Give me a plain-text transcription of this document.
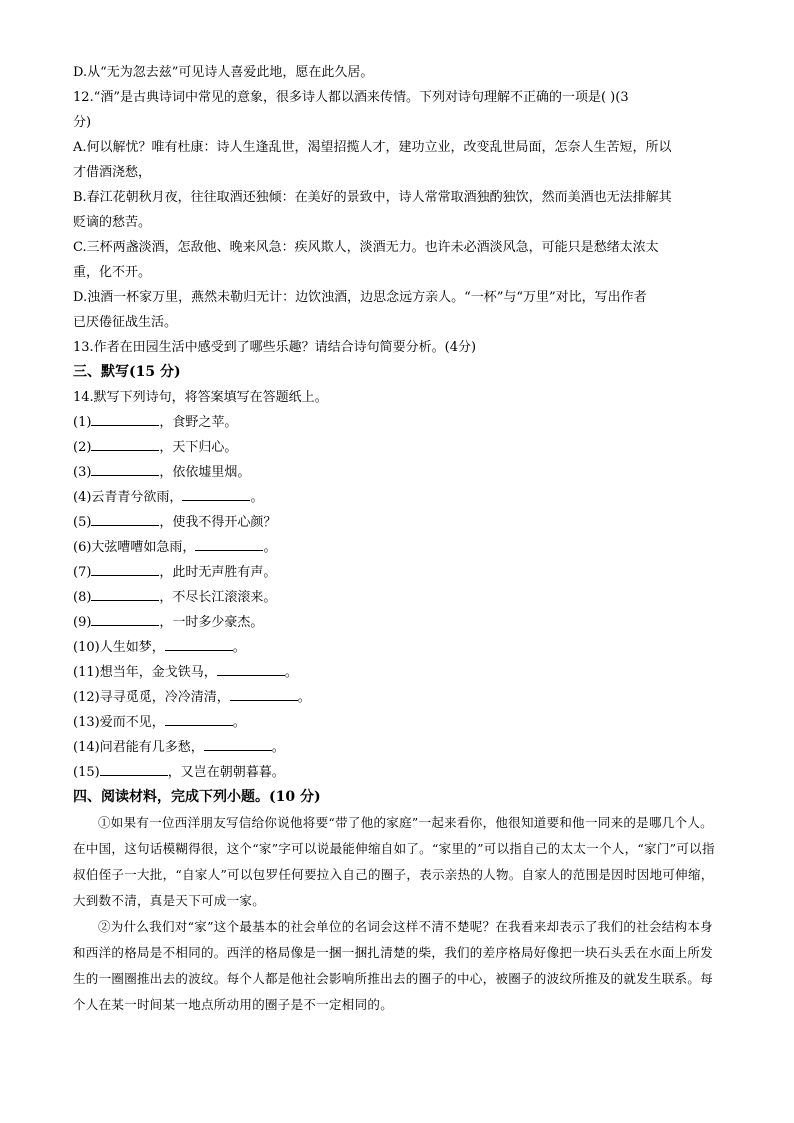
D.从“无为忽去兹”可见诗人喜爱此地，愿在此久居。

12.“酒”是古典诗词中常见的意象，很多诗人都以酒来传情。下列对诗句理解不正确的一项是( )(3

分)

A.何以解忧？唯有杜康：诗人生逢乱世，渴望招揽人才，建功立业，改变乱世局面，怎奈人生苦短，所以

才借酒浇愁，

B.春江花朝秋月夜，往往取酒还独倾：在美好的景致中，诗人常常取酒独酌独饮，然而美酒也无法排解其

贬谪的愁苦。

C.三杯两盏淡酒，怎敌他、晚来风急：疾风欺人，淡酒无力。也许未必酒淡风急，可能只是愁绪太浓太

重，化不开。

D.浊酒一杯家万里，燕然未勒归无计：边饮浊酒，边思念远方亲人。“一杯”与“万里”对比，写出作者

已厌倦征战生活。

13.作者在田园生活中感受到了哪些乐趣？请结合诗句简要分析。(4分)

三、默写(15 分)

14.默写下列诗句，将答案填写在答题纸上。

(1)	，食野之苹。

(2)	，天下归心。

(3)	，依依墟里烟。

(4)云青青兮欲雨，	。

(5)	，使我不得开心颜？

(6)大弦嘈嘈如急雨，	。

(7)	，此时无声胜有声。

(8)	，不尽长江滚滚来。

(9)	，一时多少豪杰。

(10)人生如梦，	。

(11)想当年，金戈铁马，	。

(12)寻寻觅觅，冷冷清清，	。

(13)爱而不见，	。

(14)问君能有几多愁，	。

(15)	，又岂在朝朝暮暮。

四、阅读材料，完成下列小题。(10 分)

①如果有一位西洋朋友写信给你说他将要“带了他的家庭”一起来看你，他很知道要和他一同来的是哪几个人。在中国，这句话模糊得很，这个“家”字可以说最能伸缩自如了。“家里的”可以指自己的太太一个人，“家门”可以指叔伯侄子一大批，“自家人”可以包罗任何要拉入自己的圈子，表示亲热的人物。自家人的范围是因时因地可伸缩，大到数不清，真是天下可成一家。

②为什么我们对“家”这个最基本的社会单位的名词会这样不清不楚呢？在我看来却表示了我们的社会结构本身和西洋的格局是不相同的。西洋的格局像是一捆一捆扎清楚的柴，我们的差序格局好像把一块石头丢在水面上所发生的一圈圈推出去的波纹。每个人都是他社会影响所推出去的圈子的中心，被圈子的波纹所推及的就发生联系。每个人在某一时间某一地点所动用的圈子是不一定相同的。
